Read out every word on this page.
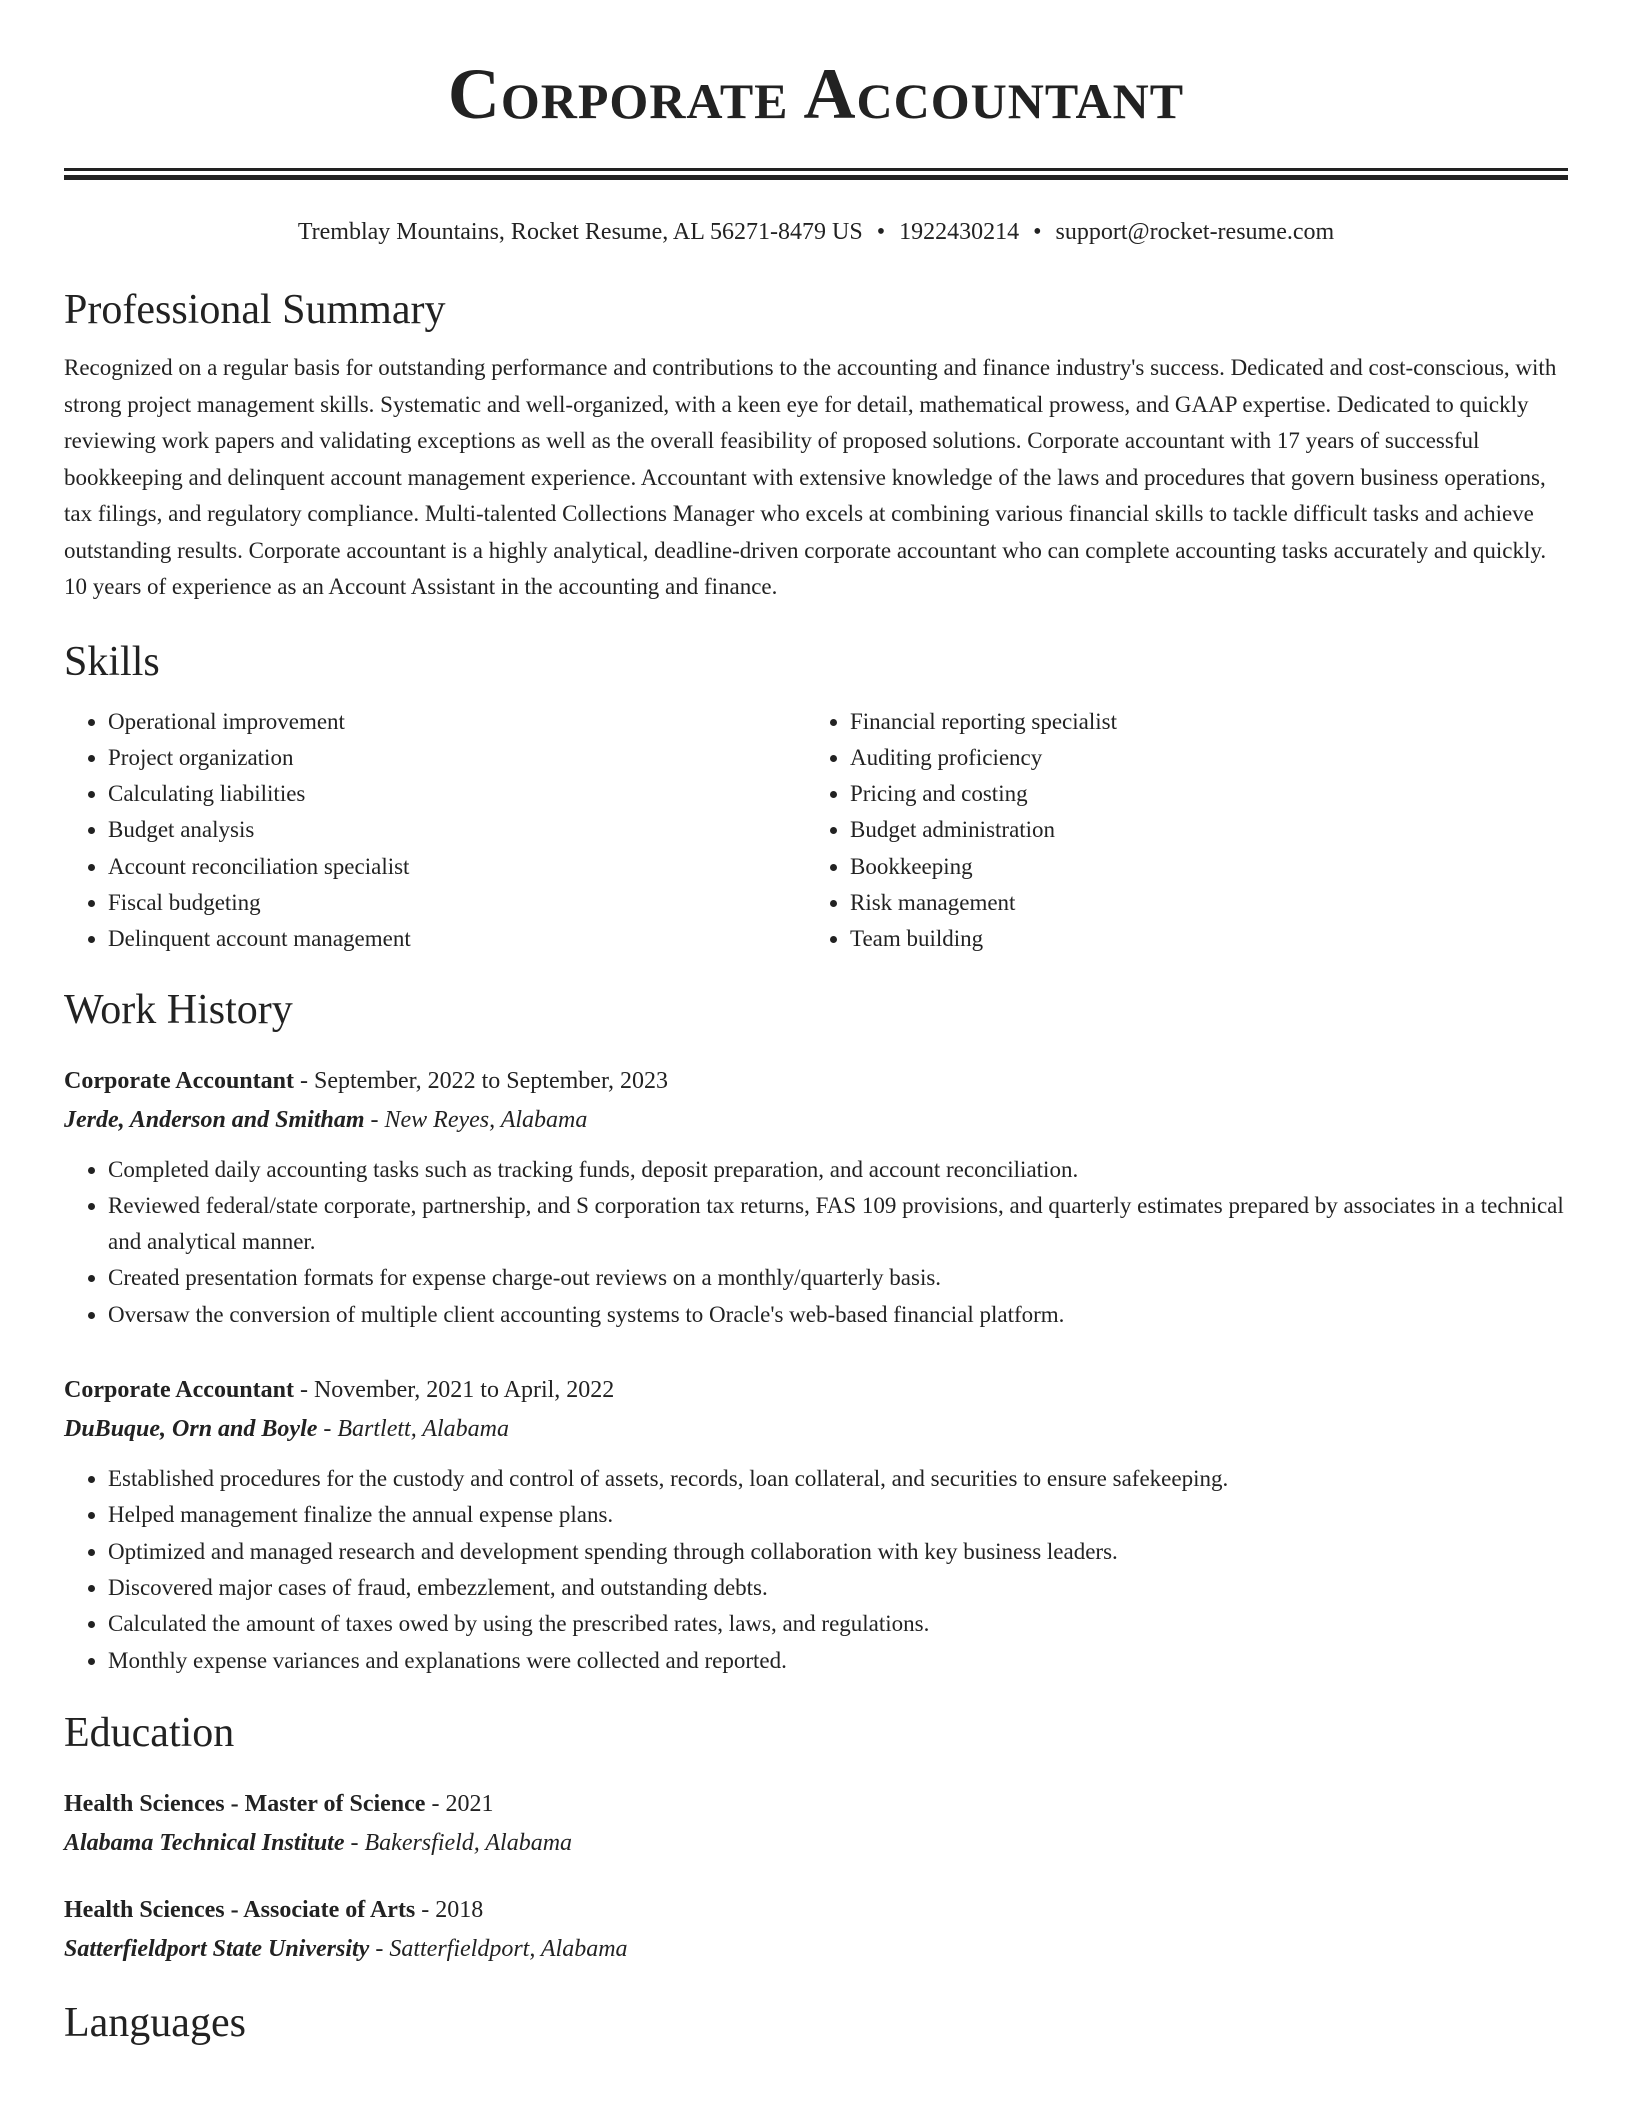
Corporate Accountant
Tremblay Mountains, Rocket Resume, AL 56271-8479 US • 1922430214 • support@rocket-resume.com
Professional Summary
Recognized on a regular basis for outstanding performance and contributions to the accounting and finance industry's success. Dedicated and cost-conscious, with strong project management skills. Systematic and well-organized, with a keen eye for detail, mathematical prowess, and GAAP expertise. Dedicated to quickly reviewing work papers and validating exceptions as well as the overall feasibility of proposed solutions. Corporate accountant with 17 years of successful bookkeeping and delinquent account management experience. Accountant with extensive knowledge of the laws and procedures that govern business operations, tax filings, and regulatory compliance. Multi-talented Collections Manager who excels at combining various financial skills to tackle difficult tasks and achieve outstanding results. Corporate accountant is a highly analytical, deadline-driven corporate accountant who can complete accounting tasks accurately and quickly. 10 years of experience as an Account Assistant in the accounting and finance.
Skills
• Operational improvement
• Project organization
• Calculating liabilities
• Budget analysis
• Account reconciliation specialist
• Fiscal budgeting
• Delinquent account management
• Financial reporting specialist
• Auditing proficiency
• Pricing and costing
• Budget administration
• Bookkeeping
• Risk management
• Team building
Work History
Corporate Accountant - September, 2022 to September, 2023
Jerde, Anderson and Smitham - New Reyes, Alabama
• Completed daily accounting tasks such as tracking funds, deposit preparation, and account reconciliation.
• Reviewed federal/state corporate, partnership, and S corporation tax returns, FAS 109 provisions, and quarterly estimates prepared by associates in a technical and analytical manner.
• Created presentation formats for expense charge-out reviews on a monthly/quarterly basis.
• Oversaw the conversion of multiple client accounting systems to Oracle's web-based financial platform.
Corporate Accountant - November, 2021 to April, 2022
DuBuque, Orn and Boyle - Bartlett, Alabama
• Established procedures for the custody and control of assets, records, loan collateral, and securities to ensure safekeeping.
• Helped management finalize the annual expense plans.
• Optimized and managed research and development spending through collaboration with key business leaders.
• Discovered major cases of fraud, embezzlement, and outstanding debts.
• Calculated the amount of taxes owed by using the prescribed rates, laws, and regulations.
• Monthly expense variances and explanations were collected and reported.
Education
Health Sciences - Master of Science - 2021
Alabama Technical Institute - Bakersfield, Alabama
Health Sciences - Associate of Arts - 2018
Satterfieldport State University - Satterfieldport, Alabama
Languages
